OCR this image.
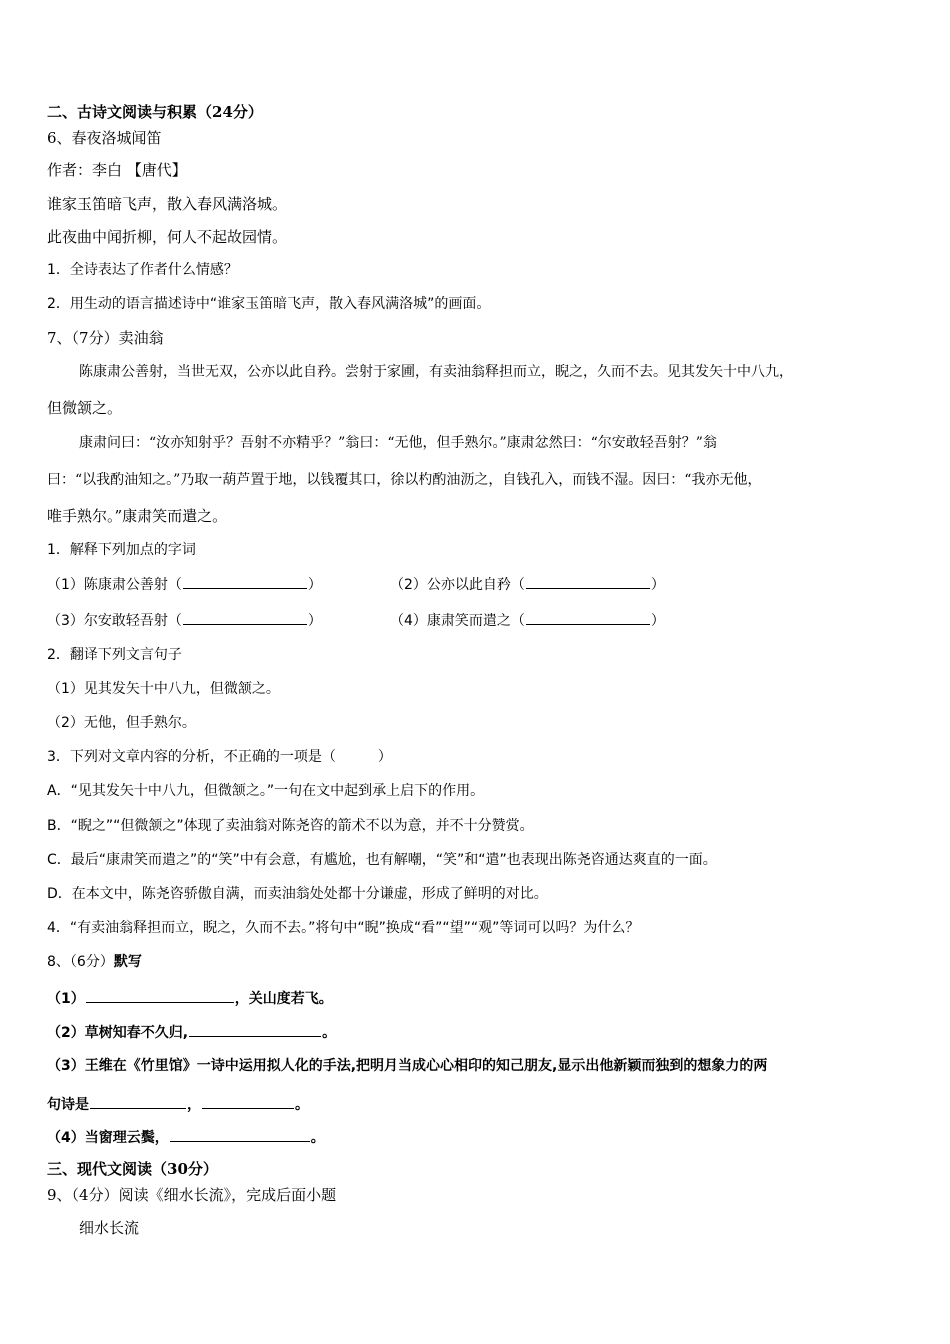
二、古诗文阅读与积累（24分）
6、春夜洛城闻笛
作者：李白 【唐代】
谁家玉笛暗飞声，散入春风满洛城。
此夜曲中闻折柳，何人不起故园情。
1．全诗表达了作者什么情感？
2．用生动的语言描述诗中“谁家玉笛暗飞声，散入春风满洛城”的画面。
7、（7分）卖油翁
陈康肃公善射，当世无双，公亦以此自矜。尝射于家圃，有卖油翁释担而立，睨之，久而不去。见其发矢十中八九，
但微颔之。
康肃问曰：“汝亦知射乎？吾射不亦精乎？”翁曰：“无他，但手熟尔。”康肃忿然曰：“尔安敢轻吾射？”翁
曰：“以我酌油知之。”乃取一葫芦置于地，以钱覆其口，徐以杓酌油沥之，自钱孔入，而钱不湿。因曰：“我亦无他，
唯手熟尔。”康肃笑而遣之。
1．解释下列加点的字词
（1）陈康肃公善射（	）	（2）公亦以此自矜（	）
（3）尔安敢轻吾射（	）	（4）康肃笑而遣之（	）
2．翻译下列文言句子
（1）见其发矢十中八九，但微颔之。
（2）无他，但手熟尔。
3．下列对文章内容的分析，不正确的一项是（　　　）
A．“见其发矢十中八九，但微颔之。”一句在文中起到承上启下的作用。
B．“睨之”“但微颔之”体现了卖油翁对陈尧咨的箭术不以为意，并不十分赞赏。
C．最后“康肃笑而遣之”的“笑”中有会意，有尴尬，也有解嘲，“笑”和“遣”也表现出陈尧咨通达爽直的一面。
D．在本文中，陈尧咨骄傲自满，而卖油翁处处都十分谦虚，形成了鲜明的对比。
4．“有卖油翁释担而立，睨之，久而不去。”将句中“睨”换成“看”“望”“观”等词可以吗？为什么？
8、（6分）默写
（1）	，关山度若飞。
（2）草树知春不久归,	。
（3）王维在《竹里馆》一诗中运用拟人化的手法,把明月当成心心相印的知己朋友,显示出他新颖而独到的想象力的两
句诗是	，	。
（4）当窗理云鬓，	。
三、现代文阅读（30分）
9、（4分）阅读《细水长流》，完成后面小题
细水长流
